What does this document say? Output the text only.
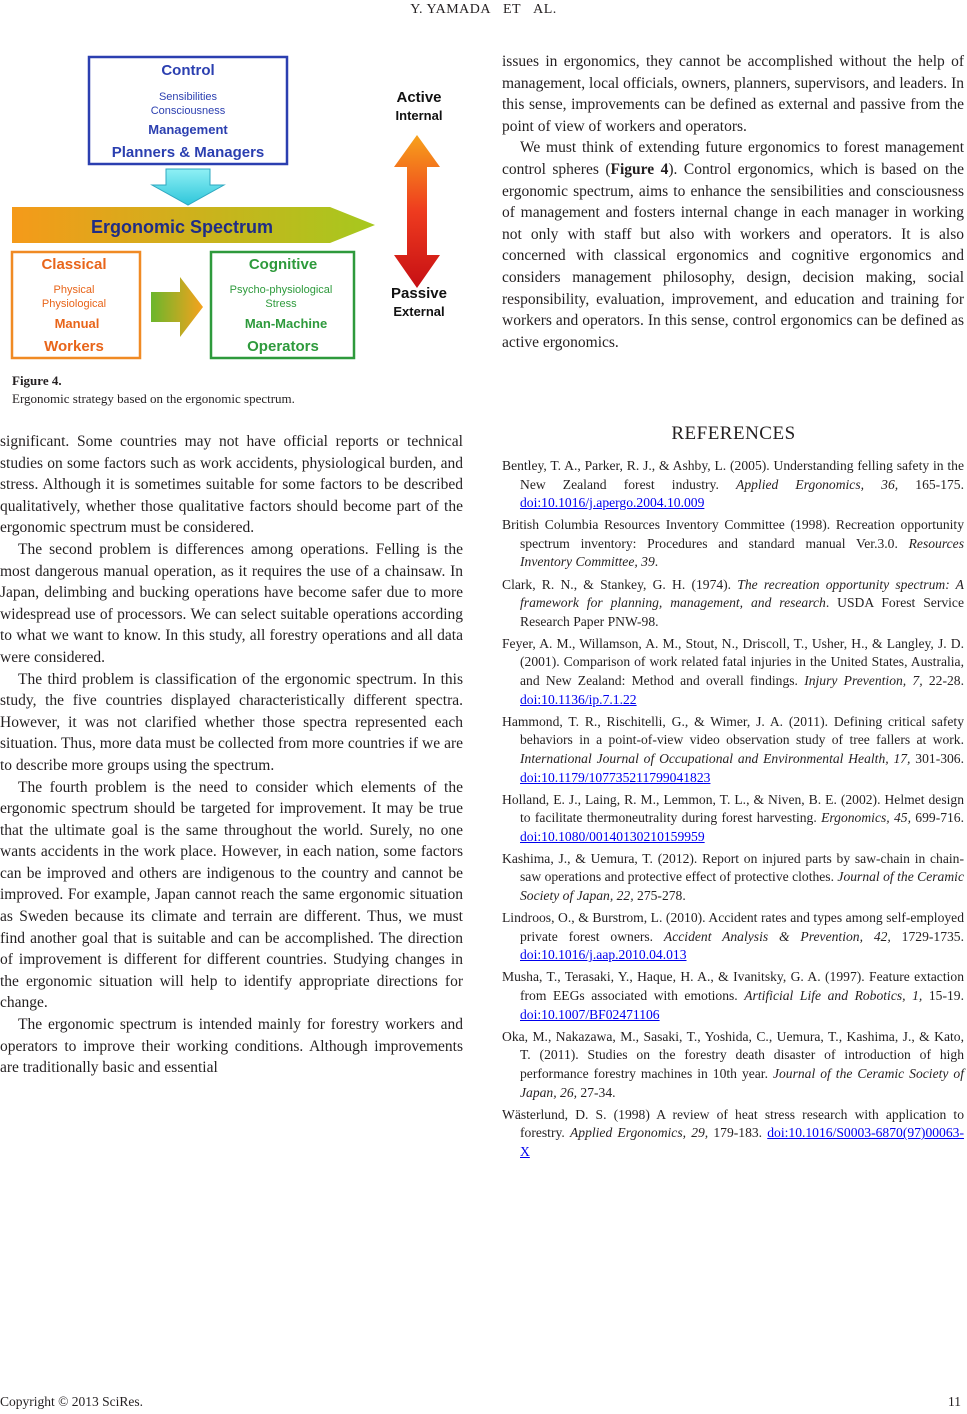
Y. YAMADA ET AL.
Control
Sensibilities
Consciousness
Management
Planners & Managers
Ergonomic Spectrum
Classical
Physical
Physiological
Manual
Workers
Cognitive
Psycho-physiological
Stress
Man-Machine
Operators
Active
Internal
Passive
External
Figure 4.
Ergonomic strategy based on the ergonomic spectrum.

significant. Some countries may not have official reports or technical studies on some factors such as work accidents, physiological burden, and stress. Although it is sometimes suitable for some factors to be described qualitatively, whether those qualitative factors should become part of the ergonomic spectrum must be considered.

The second problem is differences among operations. Felling is the most dangerous manual operation, as it requires the use of a chainsaw. In Japan, delimbing and bucking operations have become safer due to more widespread use of processors. We can select suitable operations according to what we want to know. In this study, all forestry operations and all data were considered.

The third problem is classification of the ergonomic spectrum. In this study, the five countries displayed characteristically different spectra. However, it was not clarified whether those spectra represented each situation. Thus, more data must be collected from more countries if we are to describe more groups using the spectrum.

The fourth problem is the need to consider which elements of the ergonomic spectrum should be targeted for improvement. It may be true that the ultimate goal is the same throughout the world. Surely, no one wants accidents in the work place. However, in each nation, some factors can be improved and others are indigenous to the country and cannot be improved. For example, Japan cannot reach the same ergonomic situation as Sweden because its climate and terrain are different. Thus, we must find another goal that is suitable and can be accomplished. The direction of improvement is different for different countries. Studying changes in the ergonomic situation will help to identify appropriate directions for change.

The ergonomic spectrum is intended mainly for forestry workers and operators to improve their working conditions. Although improvements are traditionally basic and essential

issues in ergonomics, they cannot be accomplished without the help of management, local officials, owners, planners, supervisors, and leaders. In this sense, improvements can be defined as external and passive from the point of view of workers and operators.

We must think of extending future ergonomics to forest management control spheres (Figure 4). Control ergonomics, which is based on the ergonomic spectrum, aims to enhance the sensibilities and consciousness of management and fosters internal change in each manager in working not only with staff but also with workers and operators. It is also concerned with classical ergonomics and cognitive ergonomics and considers management philosophy, design, decision making, social responsibility, evaluation, improvement, and education and training for workers and operators. In this sense, control ergonomics can be defined as active ergonomics.

REFERENCES
Bentley, T. A., Parker, R. J., & Ashby, L. (2005). Understanding felling safety in the New Zealand forest industry. Applied Ergonomics, 36, 165-175. doi:10.1016/j.apergo.2004.10.009
British Columbia Resources Inventory Committee (1998). Recreation opportunity spectrum inventory: Procedures and standard manual Ver.3.0. Resources Inventory Committee, 39.
Clark, R. N., & Stankey, G. H. (1974). The recreation opportunity spectrum: A framework for planning, management, and research. USDA Forest Service Research Paper PNW-98.
Feyer, A. M., Willamson, A. M., Stout, N., Driscoll, T., Usher, H., & Langley, J. D. (2001). Comparison of work related fatal injuries in the United States, Australia, and New Zealand: Method and overall findings. Injury Prevention, 7, 22-28. doi:10.1136/ip.7.1.22
Hammond, T. R., Rischitelli, G., & Wimer, J. A. (2011). Defining critical safety behaviors in a point-of-view video observation study of tree fallers at work. International Journal of Occupational and Environmental Health, 17, 301-306. doi:10.1179/107735211799041823
Holland, E. J., Laing, R. M., Lemmon, T. L., & Niven, B. E. (2002). Helmet design to facilitate thermoneutrality during forest harvesting. Ergonomics, 45, 699-716. doi:10.1080/00140130210159959
Kashima, J., & Uemura, T. (2012). Report on injured parts by saw-chain in chain-saw operations and protective effect of protective clothes. Journal of the Ceramic Society of Japan, 22, 275-278.
Lindroos, O., & Burstrom, L. (2010). Accident rates and types among self-employed private forest owners. Accident Analysis & Prevention, 42, 1729-1735. doi:10.1016/j.aap.2010.04.013
Musha, T., Terasaki, Y., Haque, H. A., & Ivanitsky, G. A. (1997). Feature extaction from EEGs associated with emotions. Artificial Life and Robotics, 1, 15-19. doi:10.1007/BF02471106
Oka, M., Nakazawa, M., Sasaki, T., Yoshida, C., Uemura, T., Kashima, J., & Kato, T. (2011). Studies on the forestry death disaster of introduction of high performance forestry machines in 10th year. Journal of the Ceramic Society of Japan, 26, 27-34.
Wästerlund, D. S. (1998) A review of heat stress research with application to forestry. Applied Ergonomics, 29, 179-183. doi:10.1016/S0003-6870(97)00063-X
Copyright © 2013 SciRes.	11
